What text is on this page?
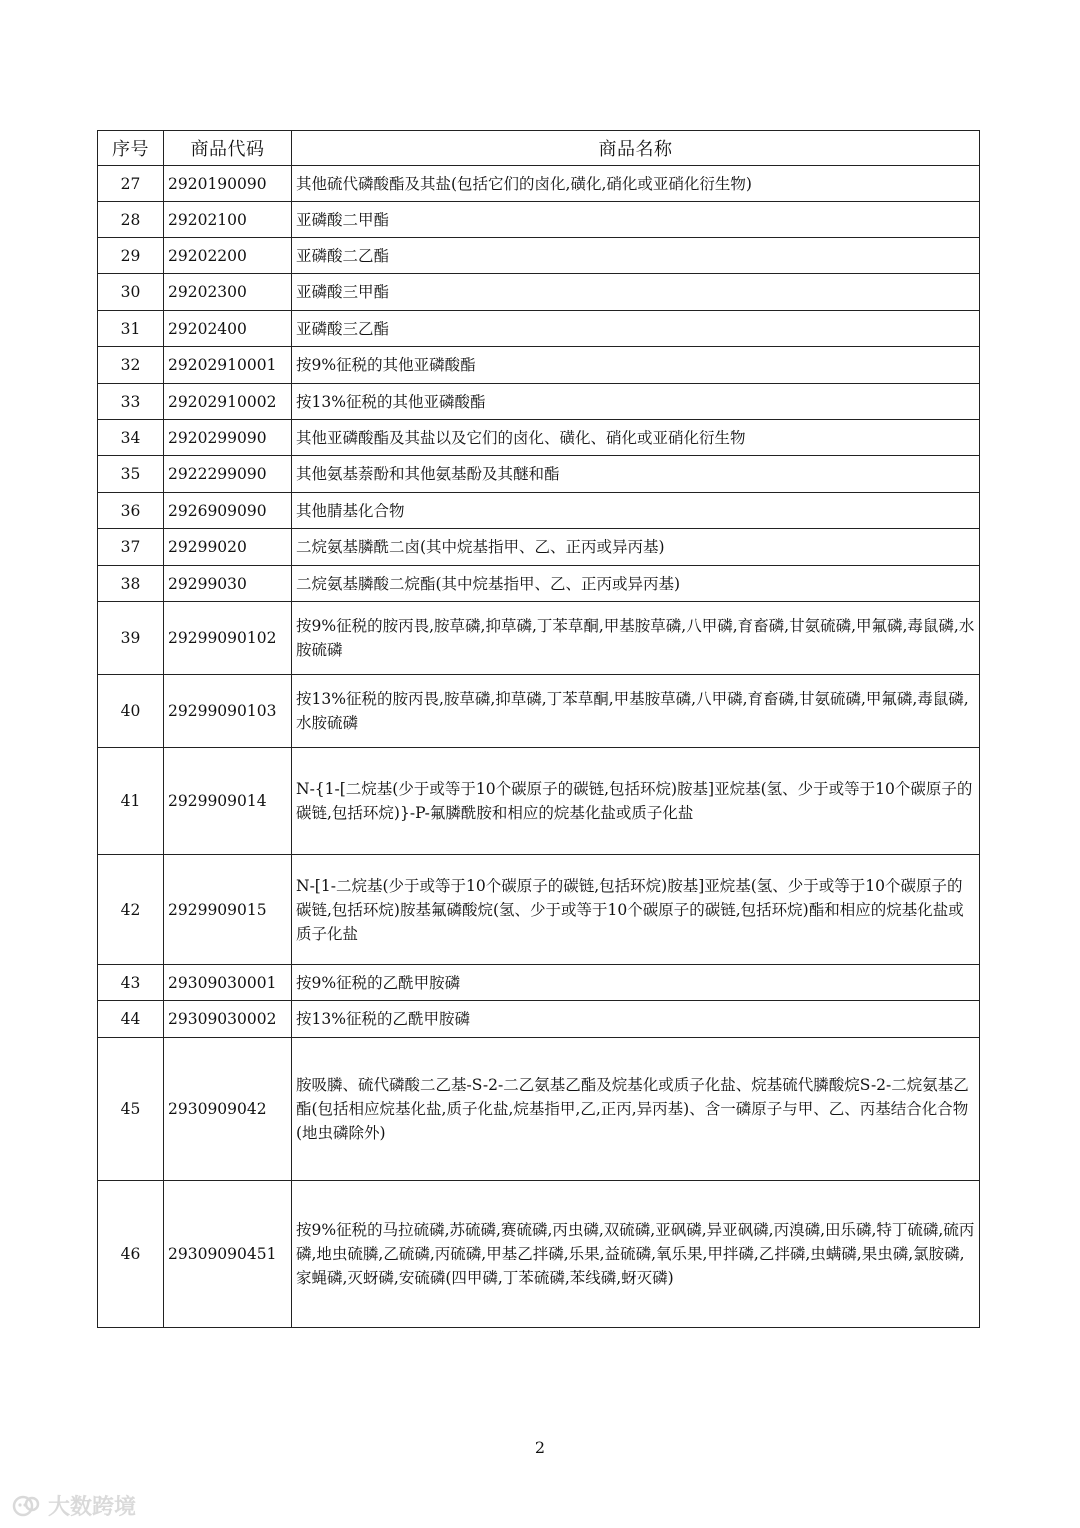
序号	商品代码	商品名称
27	2920190090	其他硫代磷酸酯及其盐(包括它们的卤化,磺化,硝化或亚硝化衍生物)
28	29202100	亚磷酸二甲酯
29	29202200	亚磷酸二乙酯
30	29202300	亚磷酸三甲酯
31	29202400	亚磷酸三乙酯
32	29202910001	按9%征税的其他亚磷酸酯
33	29202910002	按13%征税的其他亚磷酸酯
34	2920299090	其他亚磷酸酯及其盐以及它们的卤化、磺化、硝化或亚硝化衍生物
35	2922299090	其他氨基萘酚和其他氨基酚及其醚和酯
36	2926909090	其他腈基化合物
37	29299020	二烷氨基膦酰二卤(其中烷基指甲、乙、正丙或异丙基)
38	29299030	二烷氨基膦酸二烷酯(其中烷基指甲、乙、正丙或异丙基)
39	29299090102	按9%征税的胺丙畏,胺草磷,抑草磷,丁苯草酮,甲基胺草磷,八甲磷,育畜磷,甘氨硫磷,甲氟磷,毒鼠磷,水胺硫磷
40	29299090103	按13%征税的胺丙畏,胺草磷,抑草磷,丁苯草酮,甲基胺草磷,八甲磷,育畜磷,甘氨硫磷,甲氟磷,毒鼠磷,水胺硫磷
41	2929909014	N-{1-[二烷基(少于或等于10个碳原子的碳链,包括环烷)胺基]亚烷基(氢、少于或等于10个碳原子的碳链,包括环烷)}-P-氟膦酰胺和相应的烷基化盐或质子化盐
42	2929909015	N-[1-二烷基(少于或等于10个碳原子的碳链,包括环烷)胺基]亚烷基(氢、少于或等于10个碳原子的碳链,包括环烷)胺基氟磷酸烷(氢、少于或等于10个碳原子的碳链,包括环烷)酯和相应的烷基化盐或质子化盐
43	29309030001	按9%征税的乙酰甲胺磷
44	29309030002	按13%征税的乙酰甲胺磷
45	2930909042	胺吸膦、硫代磷酸二乙基-S-2-二乙氨基乙酯及烷基化或质子化盐、烷基硫代膦酸烷S-2-二烷氨基乙酯(包括相应烷基化盐,质子化盐,烷基指甲,乙,正丙,异丙基)、含一磷原子与甲、乙、丙基结合化合物(地虫磷除外)
46	29309090451	按9%征税的马拉硫磷,苏硫磷,赛硫磷,丙虫磷,双硫磷,亚砜磷,异亚砜磷,丙溴磷,田乐磷,特丁硫磷,硫丙磷,地虫硫膦,乙硫磷,丙硫磷,甲基乙拌磷,乐果,益硫磷,氧乐果,甲拌磷,乙拌磷,虫螨磷,果虫磷,氯胺磷,家蝇磷,灭蚜磷,安硫磷(四甲磷,丁苯硫磷,苯线磷,蚜灭磷)
2
大数跨境
